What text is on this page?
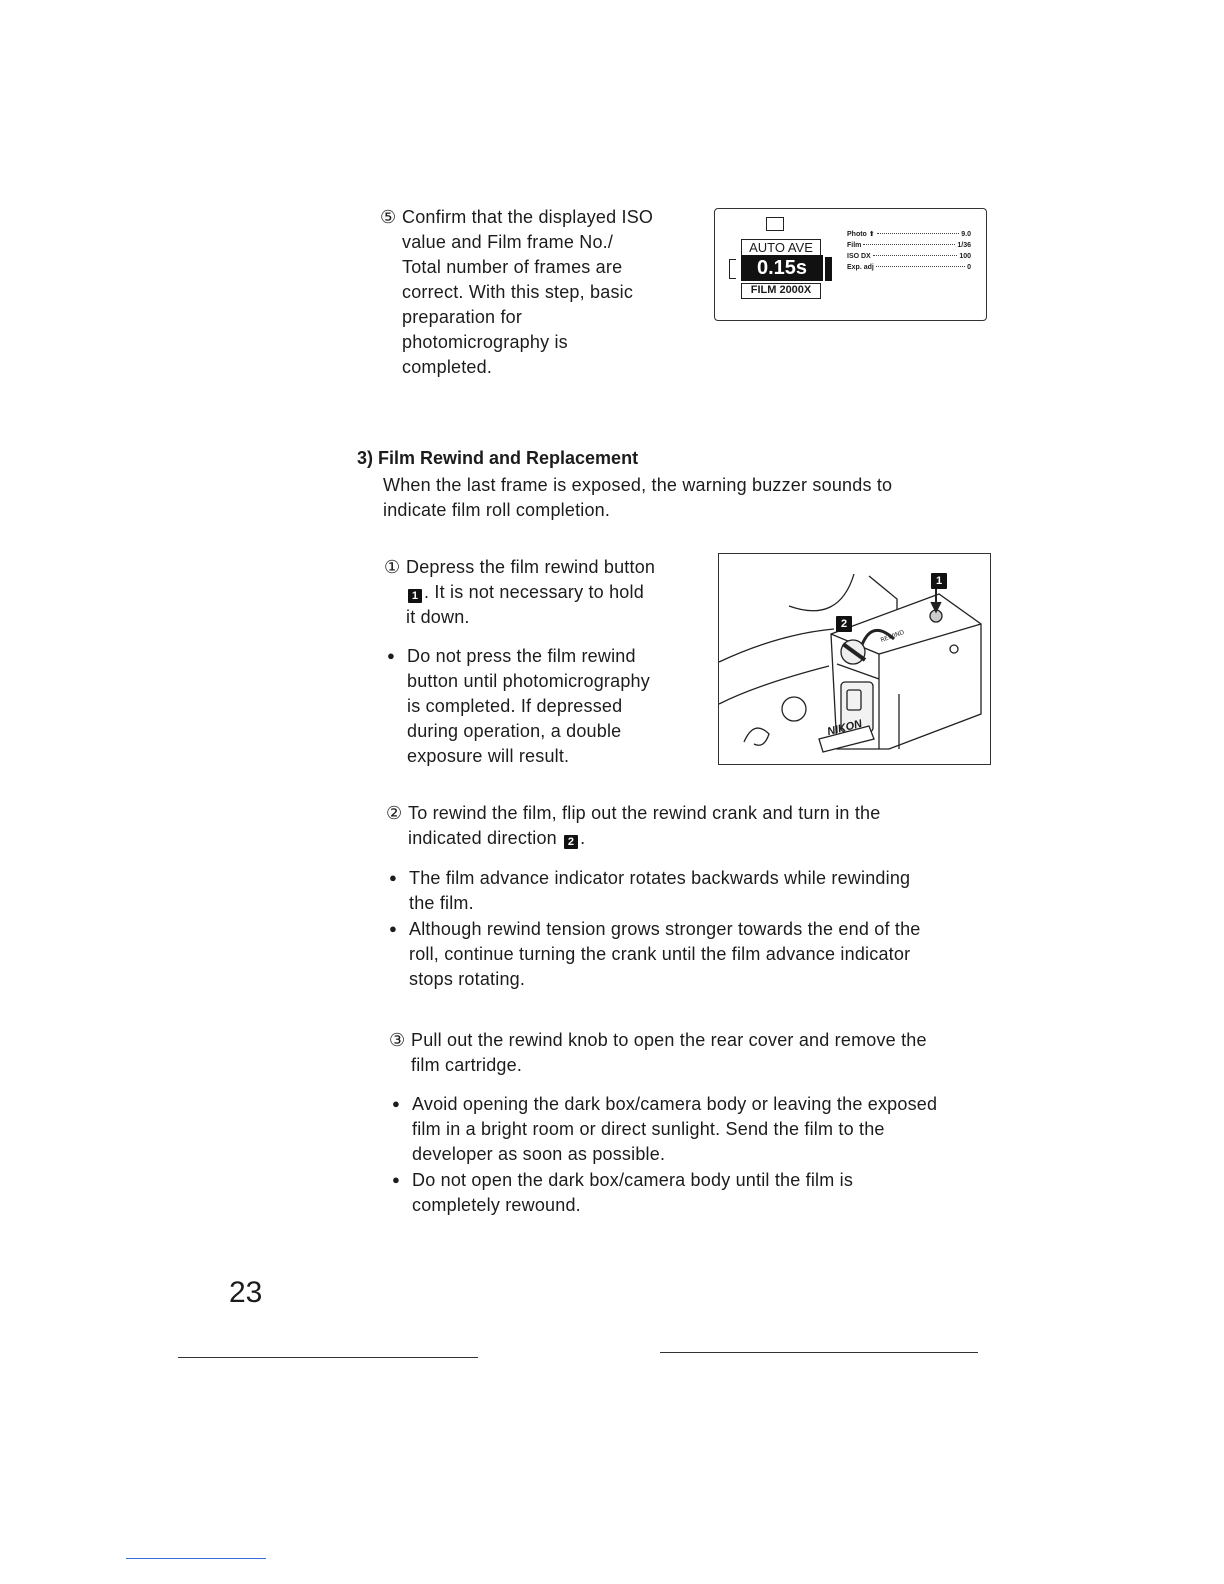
⑤ Confirm that the displayed ISO
value and Film frame No./
Total number of frames are
correct. With this step, basic
preparation for
photomicrography is
completed.
AUTO AVE
0.15s
FILM 2000X
Photo ⬆	9.0
Film	1/36
ISO DX	100
Exp. adj	0
3) Film Rewind and Replacement
When the last frame is exposed, the warning buzzer sounds to
indicate film roll completion.
① Depress the film rewind button
1 . It is not necessary to hold
it down.
● Do not press the film rewind
button until photomicrography
is completed. If depressed
during operation, a double
exposure will result.
REWIND
1
2
NIKON
② To rewind the film, flip out the rewind crank and turn in the
indicated direction 2 .
● The film advance indicator rotates backwards while rewinding
the film.
● Although rewind tension grows stronger towards the end of the
roll, continue turning the crank until the film advance indicator
stops rotating.
③ Pull out the rewind knob to open the rear cover and remove the
film cartridge.
● Avoid opening the dark box/camera body or leaving the exposed
film in a bright room or direct sunlight. Send the film to the
developer as soon as possible.
● Do not open the dark box/camera body until the film is
completely rewound.
23
